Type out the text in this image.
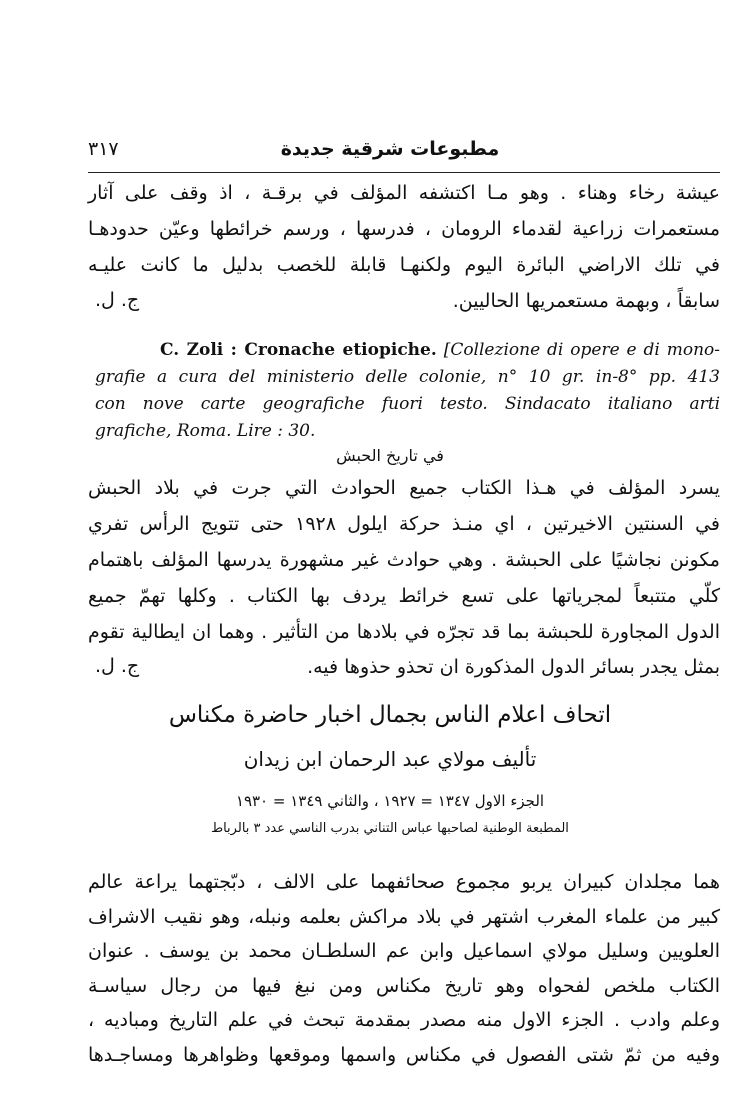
٣١٧	مطبوعات شرقية جديدة
عيشة رخاء وهناء . وهو مـا اكتشفه المؤلف في برقـة ، اذ وقف على آثار
مستعمرات زراعية لقدماء الرومان ، فدرسها ، ورسم خرائطها وعيّن حدودهـا
في تلك الاراضي البائرة اليوم ولكنهـا قابلة للخصب بدليل ما كانت عليـه
سابقاً ، وبهمة مستعمريها الحاليين.
ج. ل.
C. Zoli : Cronache etiopiche. [Collezione di opere e di mono-
grafie a cura del ministerio delle colonie, n° 10 gr. in-8° pp. 413
con nove carte geografiche fuori testo. Sindacato italiano arti
grafiche, Roma. Lire : 30.
في تاريخ الحبش
يسرد المؤلف في هـذا الكتاب جميع الحوادث التي جرت في بلاد الحبش
في السنتين الاخيرتين ، اي منـذ حركة ايلول ١٩٢٨ حتى تتويج الرأس تفري
مكونن نجاشيًا على الحبشة . وهي حوادث غير مشهورة يدرسها المؤلف باهتمام
كلّي متتبعاً لمجرياتها على تسع خرائط يردف بها الكتاب . وكلها تهمّ جميع
الدول المجاورة للحبشة بما قد تجرّه في بلادها من التأثير . وهما ان ايطالية تقوم
بمثل يجدر بسائر الدول المذكورة ان تحذو حذوها فيه.
ج. ل.
اتحاف اعلام الناس بجمال اخبار حاضرة مكناس
تأليف مولاي عبد الرحمان ابن زيدان
الجزء الاول ١٣٤٧ = ١٩٢٧ ، والثاني ١٣٤٩ = ١٩٣٠
المطبعة الوطنية لصاحبها عباس التناني بدرب الناسي عدد ٣ بالرباط
هما مجلدان كبيران يربو مجموع صحائفهما على الالف ، دبّجتهما يراعة عالم
كبير من علماء المغرب اشتهر في بلاد مراكش بعلمه ونبله، وهو نقيب الاشراف
العلويين وسليل مولاي اسماعيل وابن عم السلطـان محمد بن يوسف . عنوان
الكتاب ملخص لفحواه وهو تاريخ مكناس ومن نبغ فيها من رجال سياسـة
وعلم وادب . الجزء الاول منه مصدر بمقدمة تبحث في علم التاريخ ومباديه ،
وفيه من ثمّ شتى الفصول في مكناس واسمها وموقعها وظواهرها ومساجـدها
